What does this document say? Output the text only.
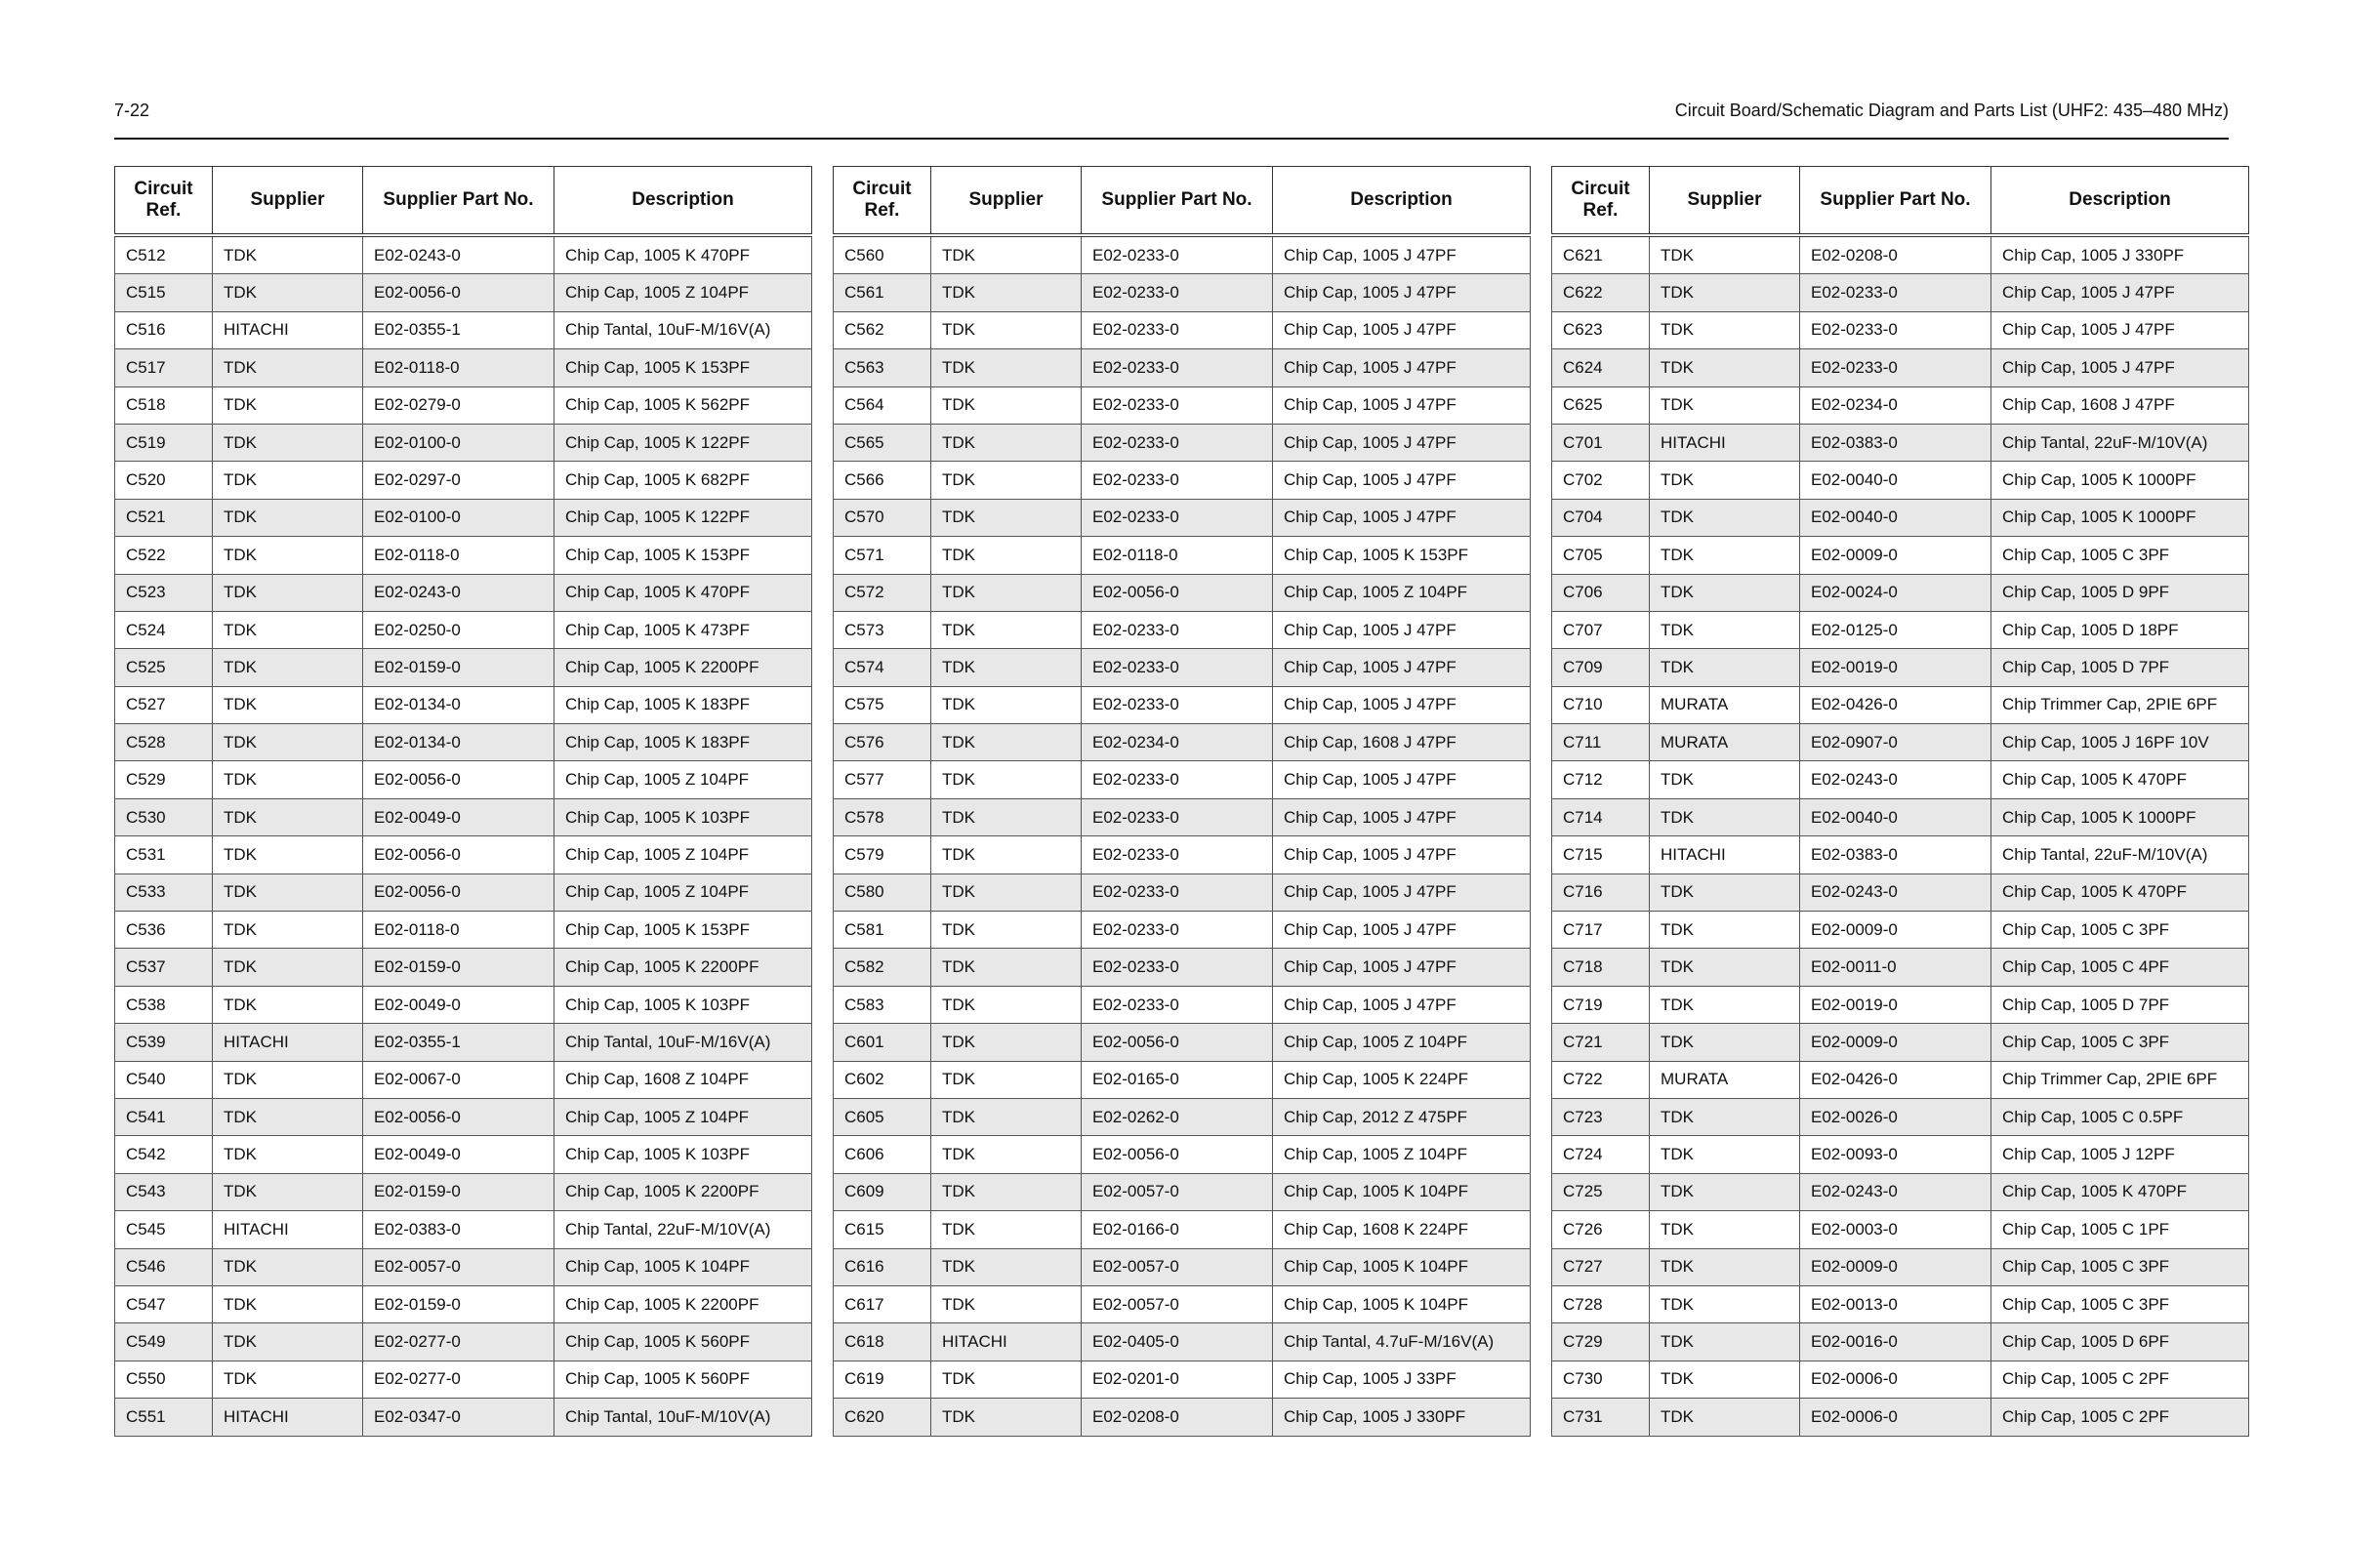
7-22	Circuit Board/Schematic Diagram and Parts List (UHF2: 435–480 MHz)
Circuit Ref.	Supplier	Supplier Part No.	Description
C512	TDK	E02-0243-0	Chip Cap, 1005 K 470PF
C515	TDK	E02-0056-0	Chip Cap, 1005 Z 104PF
C516	HITACHI	E02-0355-1	Chip Tantal, 10uF-M/16V(A)
C517	TDK	E02-0118-0	Chip Cap, 1005 K 153PF
C518	TDK	E02-0279-0	Chip Cap, 1005 K 562PF
C519	TDK	E02-0100-0	Chip Cap, 1005 K 122PF
C520	TDK	E02-0297-0	Chip Cap, 1005 K 682PF
C521	TDK	E02-0100-0	Chip Cap, 1005 K 122PF
C522	TDK	E02-0118-0	Chip Cap, 1005 K 153PF
C523	TDK	E02-0243-0	Chip Cap, 1005 K 470PF
C524	TDK	E02-0250-0	Chip Cap, 1005 K 473PF
C525	TDK	E02-0159-0	Chip Cap, 1005 K 2200PF
C527	TDK	E02-0134-0	Chip Cap, 1005 K 183PF
C528	TDK	E02-0134-0	Chip Cap, 1005 K 183PF
C529	TDK	E02-0056-0	Chip Cap, 1005 Z 104PF
C530	TDK	E02-0049-0	Chip Cap, 1005 K 103PF
C531	TDK	E02-0056-0	Chip Cap, 1005 Z 104PF
C533	TDK	E02-0056-0	Chip Cap, 1005 Z 104PF
C536	TDK	E02-0118-0	Chip Cap, 1005 K 153PF
C537	TDK	E02-0159-0	Chip Cap, 1005 K 2200PF
C538	TDK	E02-0049-0	Chip Cap, 1005 K 103PF
C539	HITACHI	E02-0355-1	Chip Tantal, 10uF-M/16V(A)
C540	TDK	E02-0067-0	Chip Cap, 1608 Z 104PF
C541	TDK	E02-0056-0	Chip Cap, 1005 Z 104PF
C542	TDK	E02-0049-0	Chip Cap, 1005 K 103PF
C543	TDK	E02-0159-0	Chip Cap, 1005 K 2200PF
C545	HITACHI	E02-0383-0	Chip Tantal, 22uF-M/10V(A)
C546	TDK	E02-0057-0	Chip Cap, 1005 K 104PF
C547	TDK	E02-0159-0	Chip Cap, 1005 K 2200PF
C549	TDK	E02-0277-0	Chip Cap, 1005 K 560PF
C550	TDK	E02-0277-0	Chip Cap, 1005 K 560PF
C551	HITACHI	E02-0347-0	Chip Tantal, 10uF-M/10V(A)
Circuit Ref.	Supplier	Supplier Part No.	Description
C560	TDK	E02-0233-0	Chip Cap, 1005 J 47PF
C561	TDK	E02-0233-0	Chip Cap, 1005 J 47PF
C562	TDK	E02-0233-0	Chip Cap, 1005 J 47PF
C563	TDK	E02-0233-0	Chip Cap, 1005 J 47PF
C564	TDK	E02-0233-0	Chip Cap, 1005 J 47PF
C565	TDK	E02-0233-0	Chip Cap, 1005 J 47PF
C566	TDK	E02-0233-0	Chip Cap, 1005 J 47PF
C570	TDK	E02-0233-0	Chip Cap, 1005 J 47PF
C571	TDK	E02-0118-0	Chip Cap, 1005 K 153PF
C572	TDK	E02-0056-0	Chip Cap, 1005 Z 104PF
C573	TDK	E02-0233-0	Chip Cap, 1005 J 47PF
C574	TDK	E02-0233-0	Chip Cap, 1005 J 47PF
C575	TDK	E02-0233-0	Chip Cap, 1005 J 47PF
C576	TDK	E02-0234-0	Chip Cap, 1608 J 47PF
C577	TDK	E02-0233-0	Chip Cap, 1005 J 47PF
C578	TDK	E02-0233-0	Chip Cap, 1005 J 47PF
C579	TDK	E02-0233-0	Chip Cap, 1005 J 47PF
C580	TDK	E02-0233-0	Chip Cap, 1005 J 47PF
C581	TDK	E02-0233-0	Chip Cap, 1005 J 47PF
C582	TDK	E02-0233-0	Chip Cap, 1005 J 47PF
C583	TDK	E02-0233-0	Chip Cap, 1005 J 47PF
C601	TDK	E02-0056-0	Chip Cap, 1005 Z 104PF
C602	TDK	E02-0165-0	Chip Cap, 1005 K 224PF
C605	TDK	E02-0262-0	Chip Cap, 2012 Z 475PF
C606	TDK	E02-0056-0	Chip Cap, 1005 Z 104PF
C609	TDK	E02-0057-0	Chip Cap, 1005 K 104PF
C615	TDK	E02-0166-0	Chip Cap, 1608 K 224PF
C616	TDK	E02-0057-0	Chip Cap, 1005 K 104PF
C617	TDK	E02-0057-0	Chip Cap, 1005 K 104PF
C618	HITACHI	E02-0405-0	Chip Tantal, 4.7uF-M/16V(A)
C619	TDK	E02-0201-0	Chip Cap, 1005 J 33PF
C620	TDK	E02-0208-0	Chip Cap, 1005 J 330PF
Circuit Ref.	Supplier	Supplier Part No.	Description
C621	TDK	E02-0208-0	Chip Cap, 1005 J 330PF
C622	TDK	E02-0233-0	Chip Cap, 1005 J 47PF
C623	TDK	E02-0233-0	Chip Cap, 1005 J 47PF
C624	TDK	E02-0233-0	Chip Cap, 1005 J 47PF
C625	TDK	E02-0234-0	Chip Cap, 1608 J 47PF
C701	HITACHI	E02-0383-0	Chip Tantal, 22uF-M/10V(A)
C702	TDK	E02-0040-0	Chip Cap, 1005 K 1000PF
C704	TDK	E02-0040-0	Chip Cap, 1005 K 1000PF
C705	TDK	E02-0009-0	Chip Cap, 1005 C 3PF
C706	TDK	E02-0024-0	Chip Cap, 1005 D 9PF
C707	TDK	E02-0125-0	Chip Cap, 1005 D 18PF
C709	TDK	E02-0019-0	Chip Cap, 1005 D 7PF
C710	MURATA	E02-0426-0	Chip Trimmer Cap, 2PIE 6PF
C711	MURATA	E02-0907-0	Chip Cap, 1005 J 16PF 10V
C712	TDK	E02-0243-0	Chip Cap, 1005 K 470PF
C714	TDK	E02-0040-0	Chip Cap, 1005 K 1000PF
C715	HITACHI	E02-0383-0	Chip Tantal, 22uF-M/10V(A)
C716	TDK	E02-0243-0	Chip Cap, 1005 K 470PF
C717	TDK	E02-0009-0	Chip Cap, 1005 C 3PF
C718	TDK	E02-0011-0	Chip Cap, 1005 C 4PF
C719	TDK	E02-0019-0	Chip Cap, 1005 D 7PF
C721	TDK	E02-0009-0	Chip Cap, 1005 C 3PF
C722	MURATA	E02-0426-0	Chip Trimmer Cap, 2PIE 6PF
C723	TDK	E02-0026-0	Chip Cap, 1005 C 0.5PF
C724	TDK	E02-0093-0	Chip Cap, 1005 J 12PF
C725	TDK	E02-0243-0	Chip Cap, 1005 K 470PF
C726	TDK	E02-0003-0	Chip Cap, 1005 C 1PF
C727	TDK	E02-0009-0	Chip Cap, 1005 C 3PF
C728	TDK	E02-0013-0	Chip Cap, 1005 C 3PF
C729	TDK	E02-0016-0	Chip Cap, 1005 D 6PF
C730	TDK	E02-0006-0	Chip Cap, 1005 C 2PF
C731	TDK	E02-0006-0	Chip Cap, 1005 C 2PF
